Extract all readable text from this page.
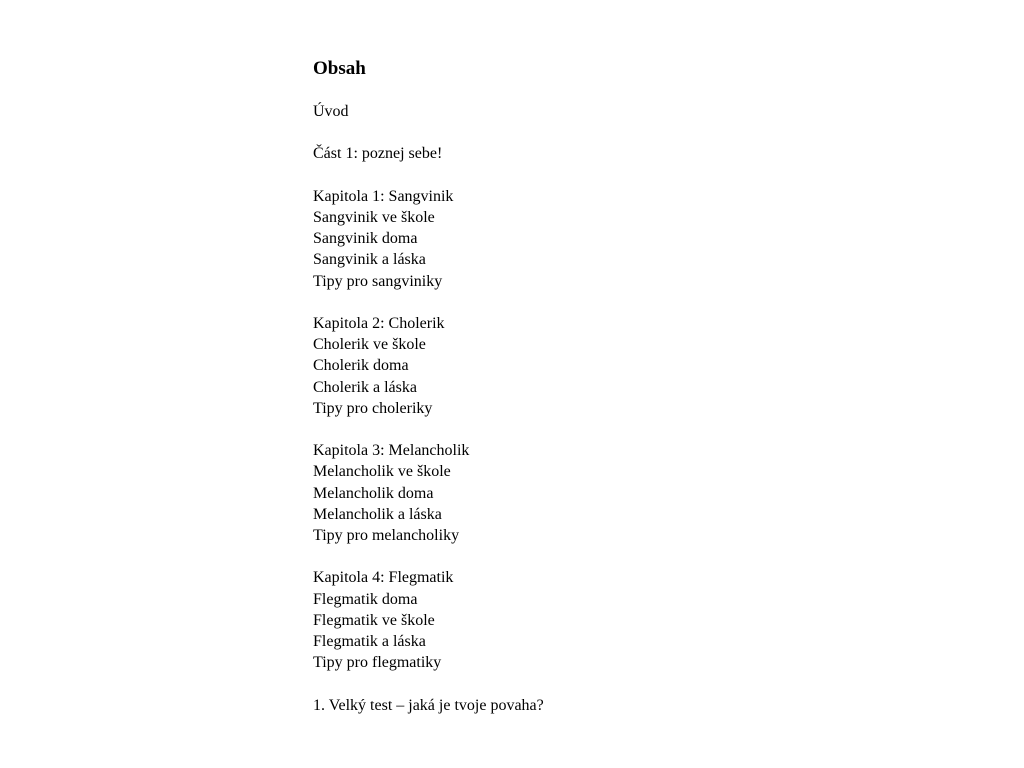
Obsah
Úvod
Část 1: poznej sebe!
Kapitola 1: Sangvinik
Sangvinik ve škole
Sangvinik doma
Sangvinik a láska
Tipy pro sangviniky
Kapitola 2: Cholerik
Cholerik ve škole
Cholerik doma
Cholerik a láska
Tipy pro choleriky
Kapitola 3: Melancholik
Melancholik ve škole
Melancholik doma
Melancholik a láska
Tipy pro melancholiky
Kapitola 4: Flegmatik
Flegmatik doma
Flegmatik ve škole
Flegmatik a láska
Tipy pro flegmatiky
1. Velký test – jaká je tvoje povaha?
